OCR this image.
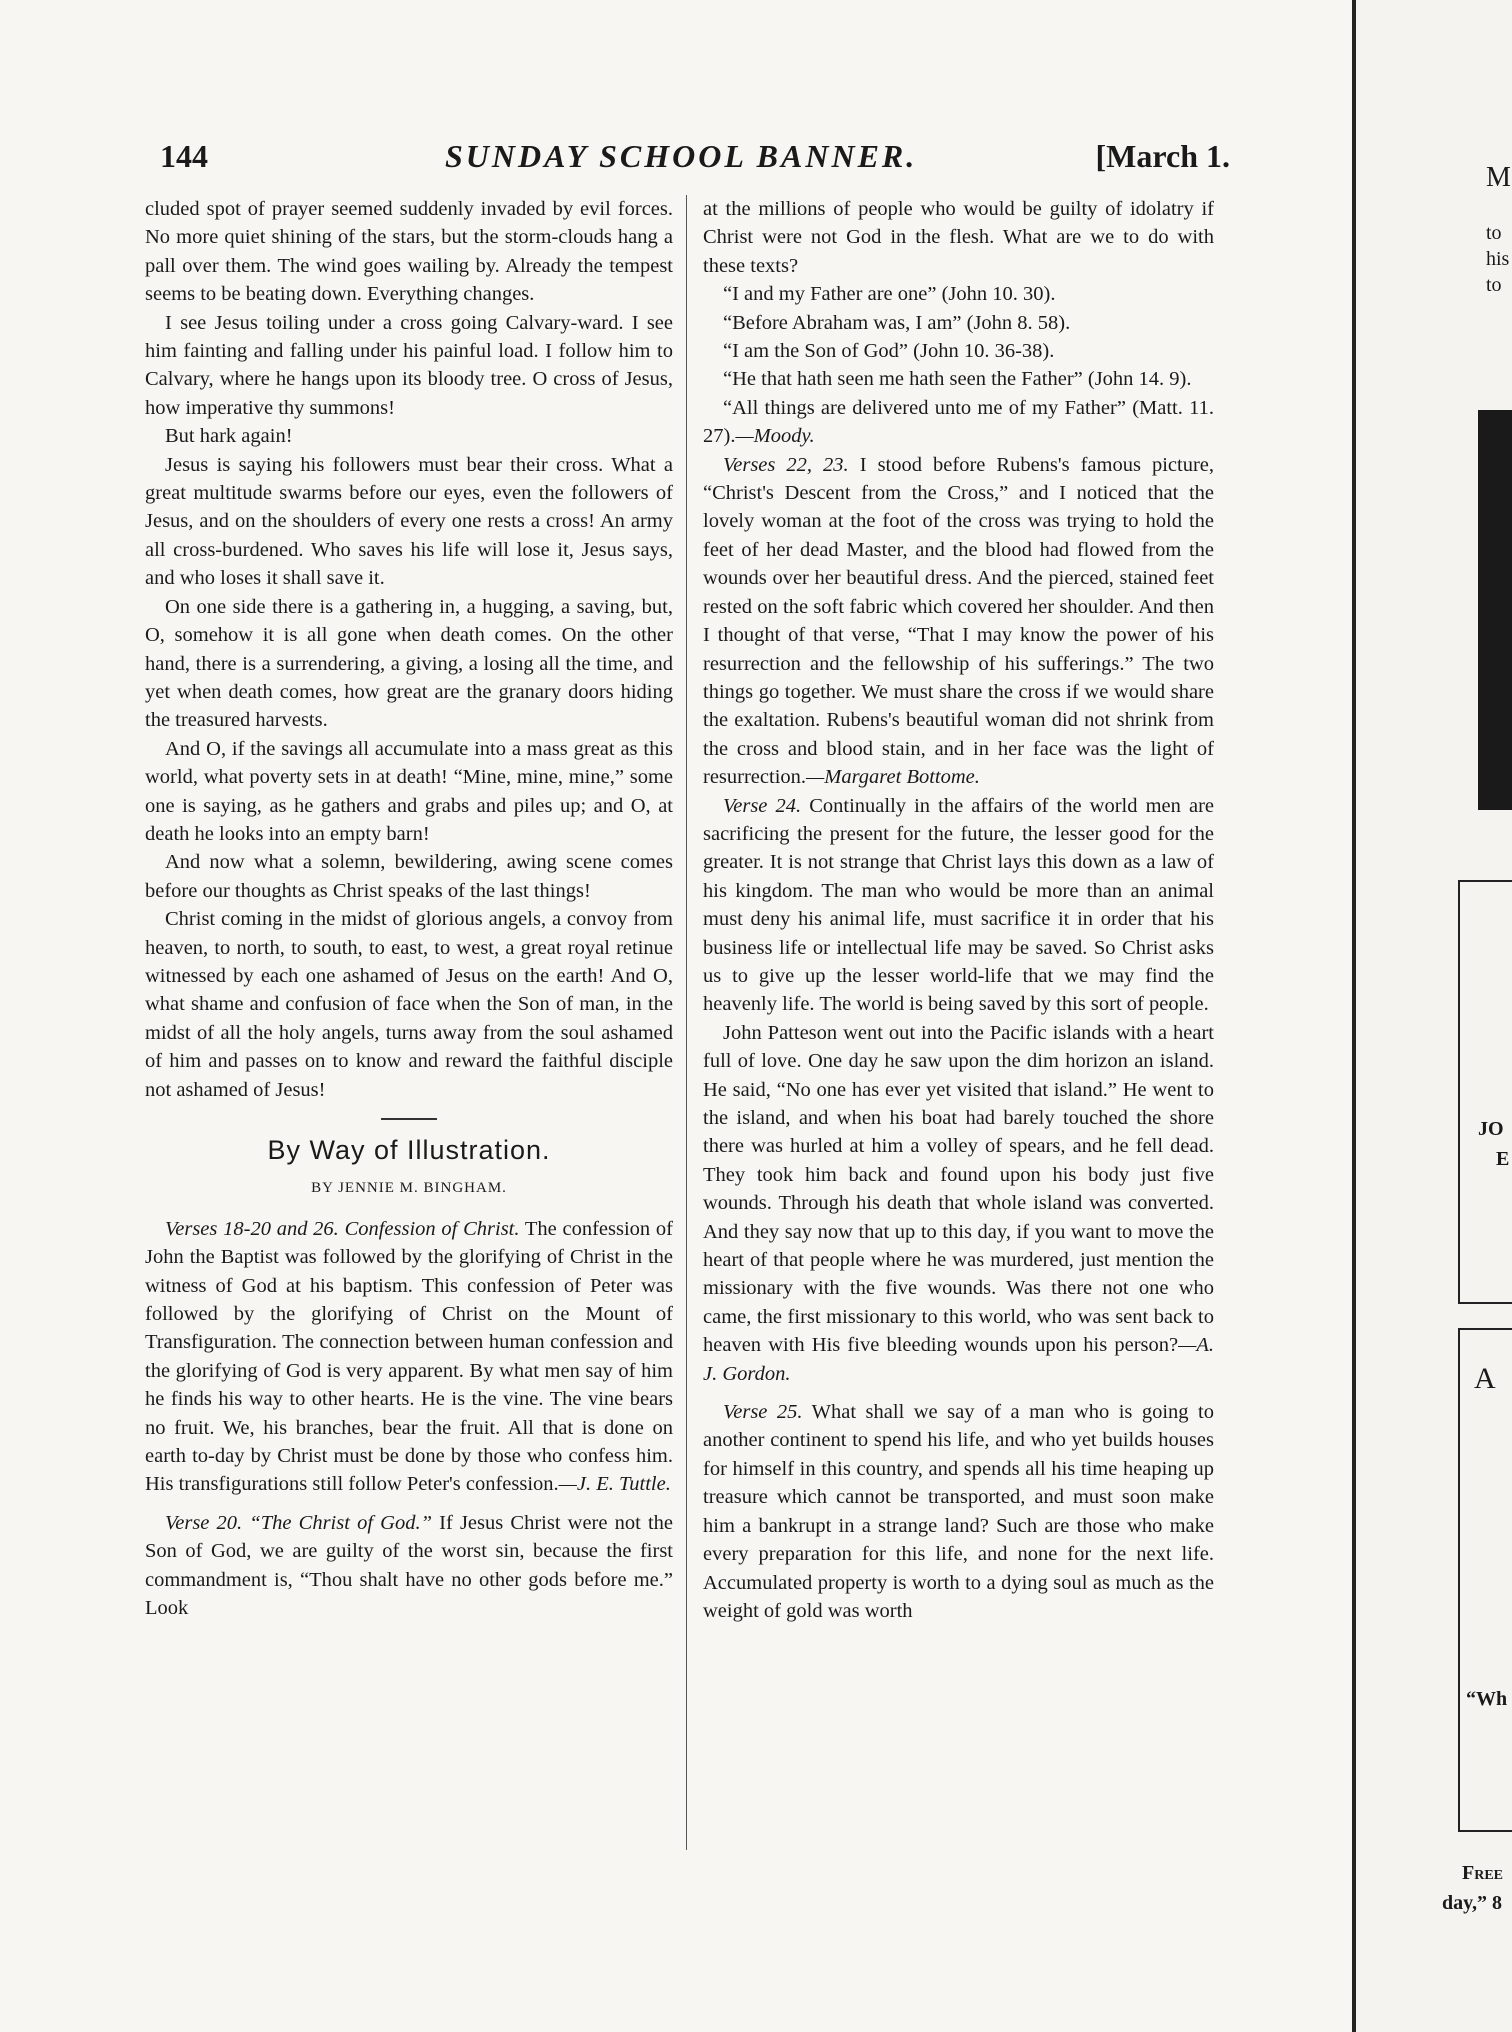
144	SUNDAY SCHOOL BANNER.	[March 1.

cluded spot of prayer seemed suddenly invaded by evil forces. No more quiet shining of the stars, but the storm-clouds hang a pall over them. The wind goes wailing by. Already the tempest seems to be beating down. Everything changes.

I see Jesus toiling under a cross going Calvary-ward. I see him fainting and falling under his painful load. I follow him to Calvary, where he hangs upon its bloody tree. O cross of Jesus, how imperative thy summons!

But hark again!

Jesus is saying his followers must bear their cross. What a great multitude swarms before our eyes, even the followers of Jesus, and on the shoulders of every one rests a cross! An army all cross-burdened. Who saves his life will lose it, Jesus says, and who loses it shall save it.

On one side there is a gathering in, a hugging, a saving, but, O, somehow it is all gone when death comes. On the other hand, there is a surrendering, a giving, a losing all the time, and yet when death comes, how great are the granary doors hiding the treasured harvests.

And O, if the savings all accumulate into a mass great as this world, what poverty sets in at death! “Mine, mine, mine,” some one is saying, as he gathers and grabs and piles up; and O, at death he looks into an empty barn!

And now what a solemn, bewildering, awing scene comes before our thoughts as Christ speaks of the last things!

Christ coming in the midst of glorious angels, a convoy from heaven, to north, to south, to east, to west, a great royal retinue witnessed by each one ashamed of Jesus on the earth! And O, what shame and confusion of face when the Son of man, in the midst of all the holy angels, turns away from the soul ashamed of him and passes on to know and reward the faithful disciple not ashamed of Jesus!

By Way of Illustration.
BY JENNIE M. BINGHAM.

Verses 18-20 and 26. Confession of Christ. The confession of John the Baptist was followed by the glorifying of Christ in the witness of God at his baptism. This confession of Peter was followed by the glorifying of Christ on the Mount of Transfiguration. The connection between human confession and the glorifying of God is very apparent. By what men say of him he finds his way to other hearts. He is the vine. The vine bears no fruit. We, his branches, bear the fruit. All that is done on earth to-day by Christ must be done by those who confess him. His transfigurations still follow Peter's confession.—J. E. Tuttle.

Verse 20. “The Christ of God.” If Jesus Christ were not the Son of God, we are guilty of the worst sin, because the first commandment is, “Thou shalt have no other gods before me.” Look

at the millions of people who would be guilty of idolatry if Christ were not God in the flesh. What are we to do with these texts?

“I and my Father are one” (John 10. 30).

“Before Abraham was, I am” (John 8. 58).

“I am the Son of God” (John 10. 36-38).

“He that hath seen me hath seen the Father” (John 14. 9).

“All things are delivered unto me of my Father” (Matt. 11. 27).—Moody.

Verses 22, 23. I stood before Rubens's famous picture, “Christ's Descent from the Cross,” and I noticed that the lovely woman at the foot of the cross was trying to hold the feet of her dead Master, and the blood had flowed from the wounds over her beautiful dress. And the pierced, stained feet rested on the soft fabric which covered her shoulder. And then I thought of that verse, “That I may know the power of his resurrection and the fellowship of his sufferings.” The two things go together. We must share the cross if we would share the exaltation. Rubens's beautiful woman did not shrink from the cross and blood stain, and in her face was the light of resurrection.—Margaret Bottome.

Verse 24. Continually in the affairs of the world men are sacrificing the present for the future, the lesser good for the greater. It is not strange that Christ lays this down as a law of his kingdom. The man who would be more than an animal must deny his animal life, must sacrifice it in order that his business life or intellectual life may be saved. So Christ asks us to give up the lesser world-life that we may find the heavenly life. The world is being saved by this sort of people.

John Patteson went out into the Pacific islands with a heart full of love. One day he saw upon the dim horizon an island. He said, “No one has ever yet visited that island.” He went to the island, and when his boat had barely touched the shore there was hurled at him a volley of spears, and he fell dead. They took him back and found upon his body just five wounds. Through his death that whole island was converted. And they say now that up to this day, if you want to move the heart of that people where he was murdered, just mention the missionary with the five wounds. Was there not one who came, the first missionary to this world, who was sent back to heaven with His five bleeding wounds upon his person?—A. J. Gordon.

Verse 25. What shall we say of a man who is going to another continent to spend his life, and who yet builds houses for himself in this country, and spends all his time heaping up treasure which cannot be transported, and must soon make him a bankrupt in a strange land? Such are those who make every preparation for this life, and none for the next life. Accumulated property is worth to a dying soul as much as the weight of gold was worth

M
to
his
to
JO
E
A
“Wh
Free
day,” 8
